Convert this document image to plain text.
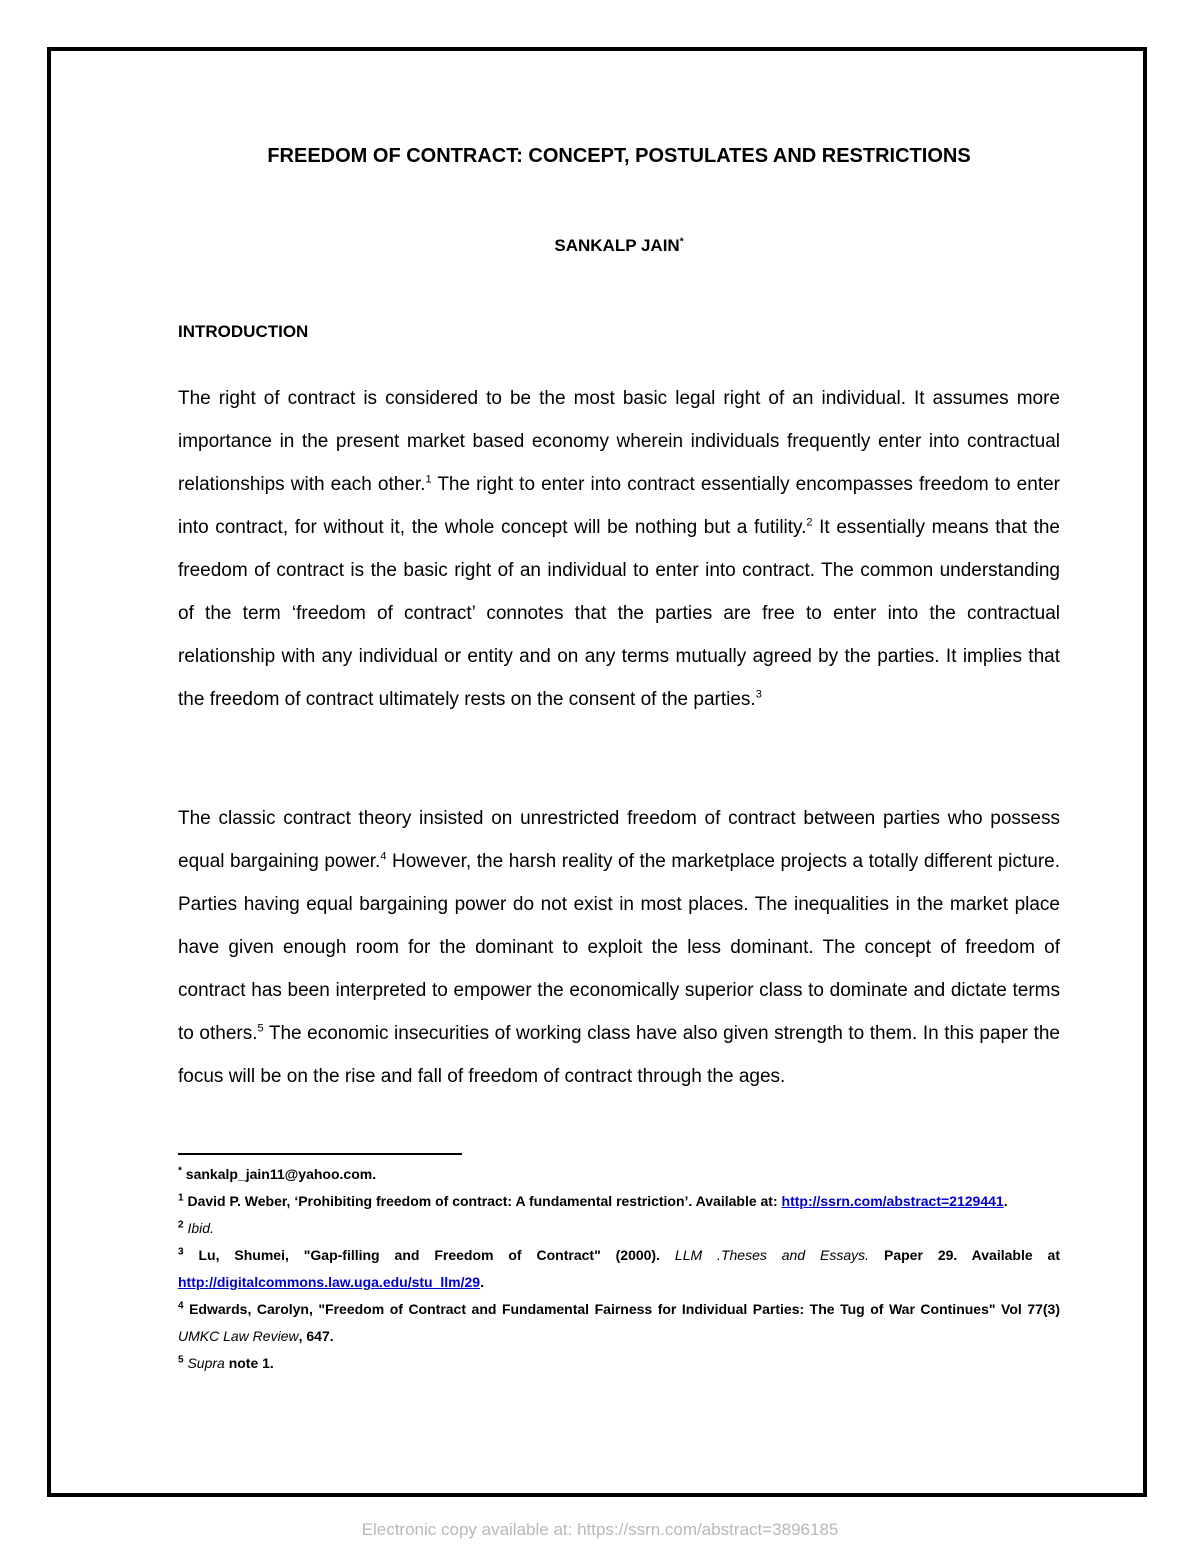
FREEDOM OF CONTRACT: CONCEPT, POSTULATES AND RESTRICTIONS
SANKALP JAIN*
INTRODUCTION

The right of contract is considered to be the most basic legal right of an individual. It assumes more importance in the present market based economy wherein individuals frequently enter into contractual relationships with each other.$^1$ The right to enter into contract essentially encompasses freedom to enter into contract, for without it, the whole concept will be nothing but a futility.$^2$ It essentially means that the freedom of contract is the basic right of an individual to enter into contract. The common understanding of the term ‘freedom of contract’ connotes that the parties are free to enter into the contractual relationship with any individual or entity and on any terms mutually agreed by the parties. It implies that the freedom of contract ultimately rests on the consent of the parties.$^3$

The classic contract theory insisted on unrestricted freedom of contract between parties who possess equal bargaining power.$^4$ However, the harsh reality of the marketplace projects a totally different picture. Parties having equal bargaining power do not exist in most places. The inequalities in the market place have given enough room for the dominant to exploit the less dominant. The concept of freedom of contract has been interpreted to empower the economically superior class to dominate and dictate terms to others.$^5$ The economic insecurities of working class have also given strength to them. In this paper the focus will be on the rise and fall of freedom of contract through the ages.

* sankalp_jain11@yahoo.com.

$^1$ David P. Weber, ‘Prohibiting freedom of contract: A fundamental restriction’. Available at: http://ssrn.com/abstract=2129441.

$^2$ Ibid.

$^3$ Lu, Shumei, "Gap-filling and Freedom of Contract" (2000). LLM .Theses and Essays. Paper 29. Available at http://digitalcommons.law.uga.edu/stu_llm/29.

$^4$ Edwards, Carolyn, "Freedom of Contract and Fundamental Fairness for Individual Parties: The Tug of War Continues" Vol 77(3) UMKC Law Review, 647.

$^5$ Supra note 1.

Electronic copy available at: https://ssrn.com/abstract=3896185
